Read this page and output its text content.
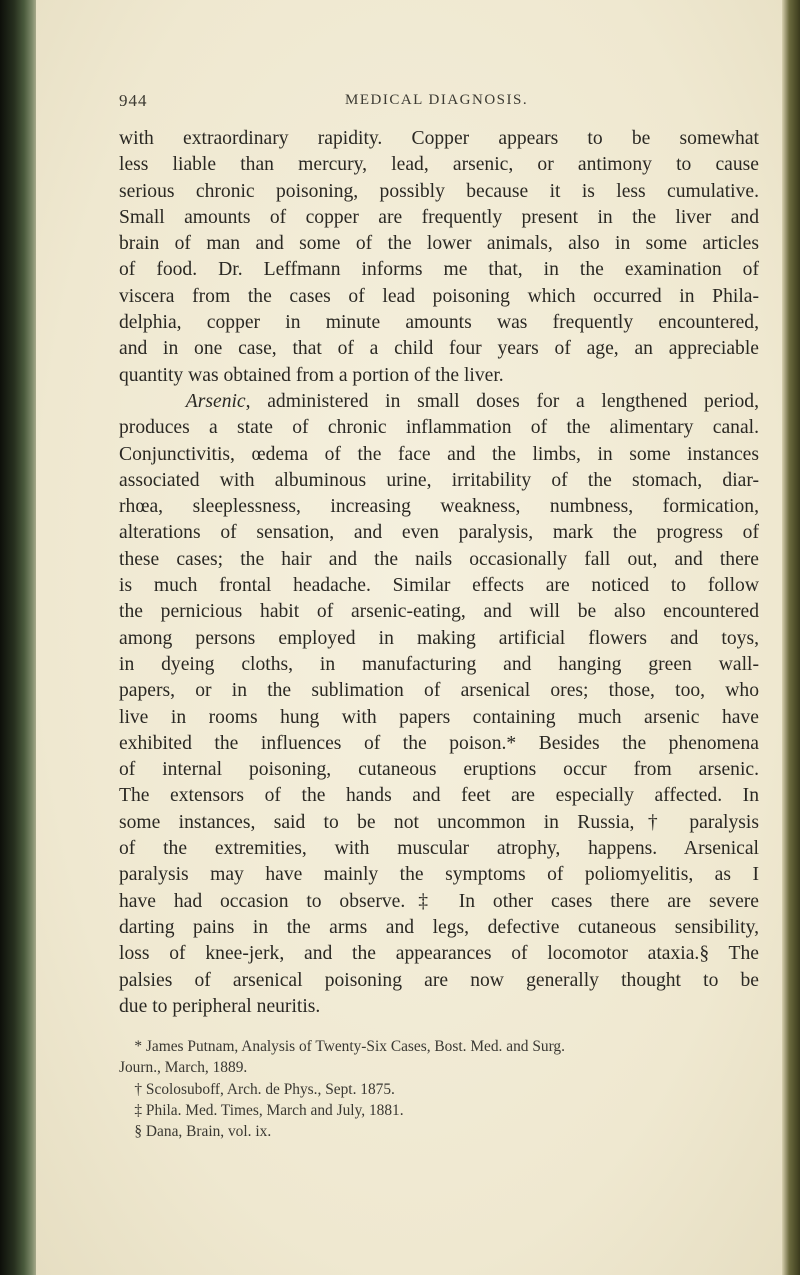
944	MEDICAL DIAGNOSIS.
with extraordinary rapidity. Copper appears to be somewhat
less liable than mercury, lead, arsenic, or antimony to cause
serious chronic poisoning, possibly because it is less cumulative.
Small amounts of copper are frequently present in the liver and
brain of man and some of the lower animals, also in some articles
of food. Dr. Leffmann informs me that, in the examination of
viscera from the cases of lead poisoning which occurred in Phila-
delphia, copper in minute amounts was frequently encountered,
and in one case, that of a child four years of age, an appreciable
quantity was obtained from a portion of the liver.
Arsenic, administered in small doses for a lengthened period,
produces a state of chronic inflammation of the alimentary canal.
Conjunctivitis, œdema of the face and the limbs, in some instances
associated with albuminous urine, irritability of the stomach, diar-
rhœa, sleeplessness, increasing weakness, numbness, formication,
alterations of sensation, and even paralysis, mark the progress of
these cases; the hair and the nails occasionally fall out, and there
is much frontal headache. Similar effects are noticed to follow
the pernicious habit of arsenic-eating, and will be also encountered
among persons employed in making artificial flowers and toys,
in dyeing cloths, in manufacturing and hanging green wall-
papers, or in the sublimation of arsenical ores; those, too, who
live in rooms hung with papers containing much arsenic have
exhibited the influences of the poison.* Besides the phenomena
of internal poisoning, cutaneous eruptions occur from arsenic.
The extensors of the hands and feet are especially affected. In
some instances, said to be not uncommon in Russia,† paralysis
of the extremities, with muscular atrophy, happens. Arsenical
paralysis may have mainly the symptoms of poliomyelitis, as I
have had occasion to observe.‡ In other cases there are severe
darting pains in the arms and legs, defective cutaneous sensibility,
loss of knee-jerk, and the appearances of locomotor ataxia.§ The
palsies of arsenical poisoning are now generally thought to be
due to peripheral neuritis.
* James Putnam, Analysis of Twenty-Six Cases, Bost. Med. and Surg.
Journ., March, 1889.
† Scolosuboff, Arch. de Phys., Sept. 1875.
‡ Phila. Med. Times, March and July, 1881.
§ Dana, Brain, vol. ix.
